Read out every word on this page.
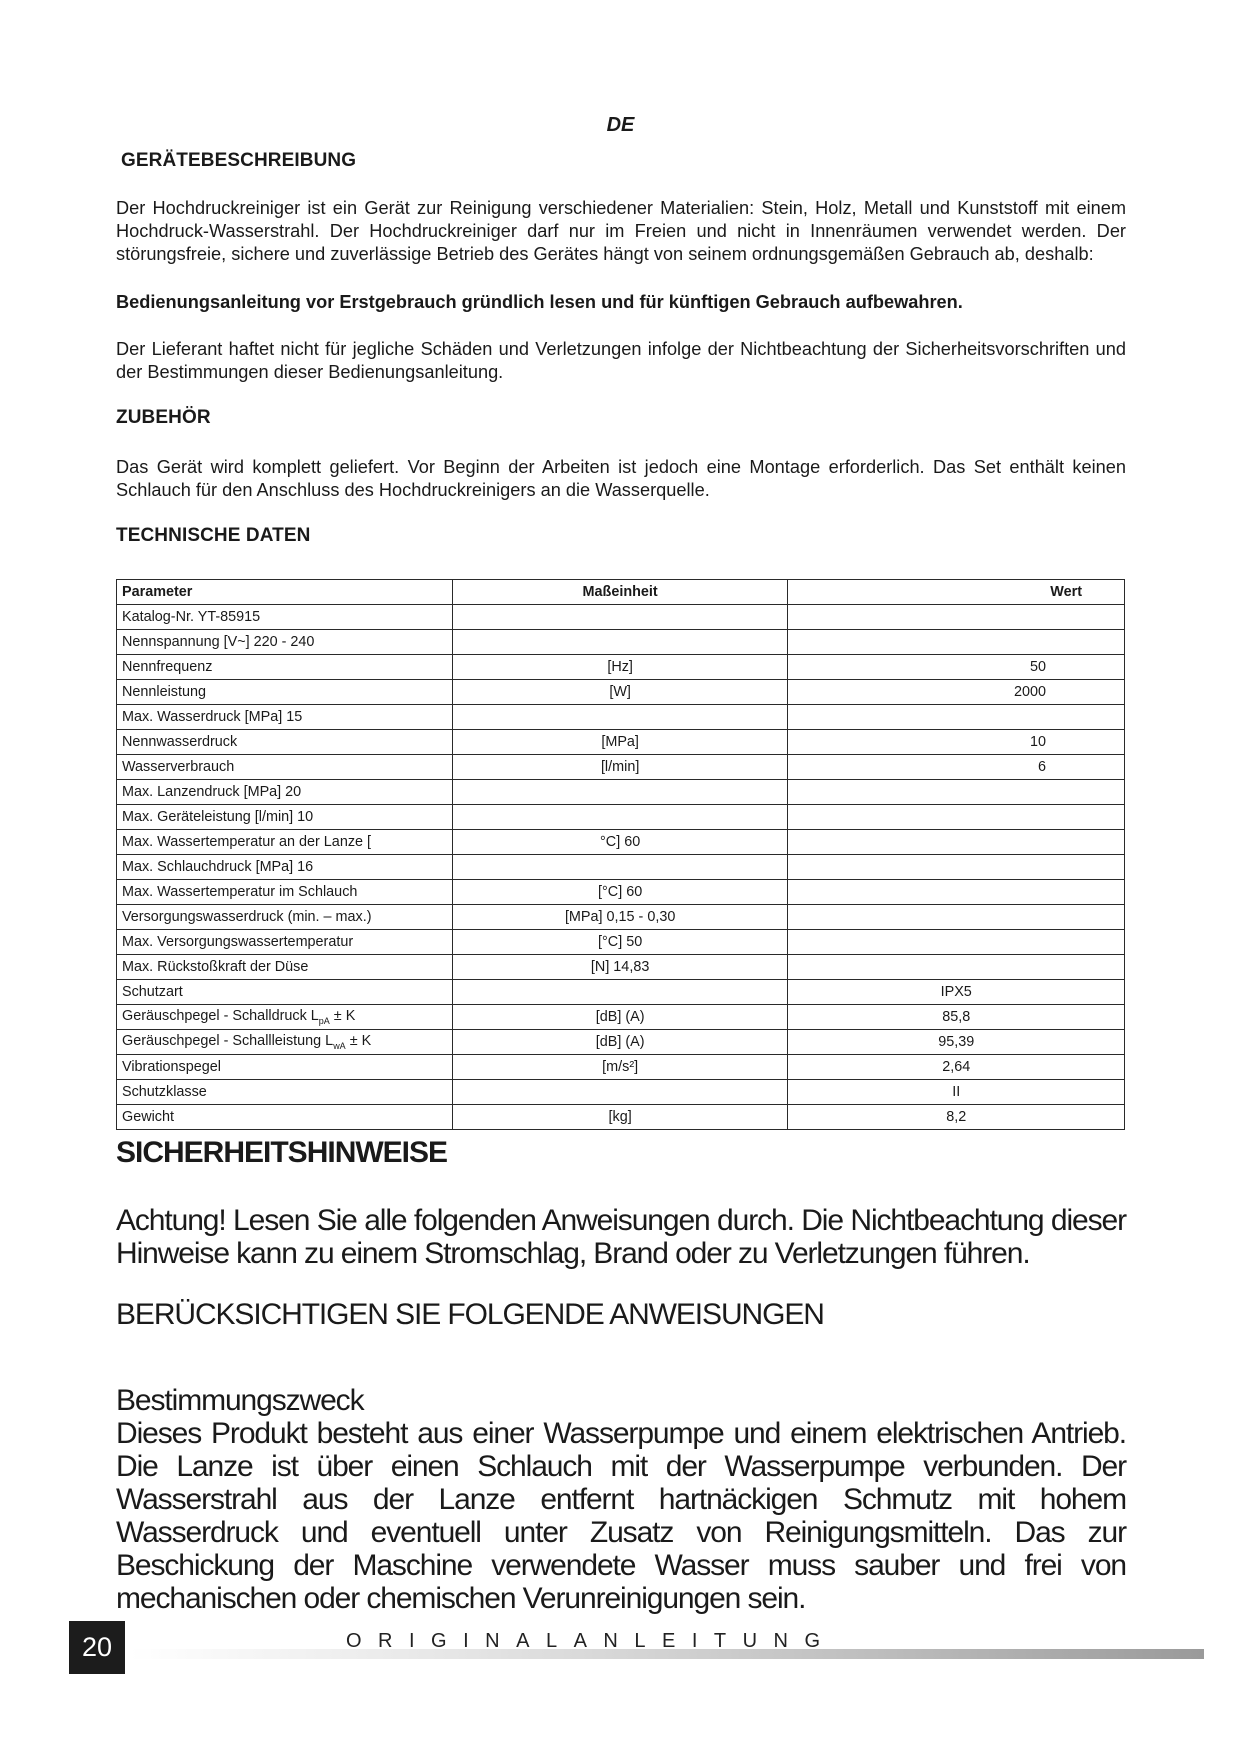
DE
GERÄTEBESCHREIBUNG
Der Hochdruckreiniger ist ein Gerät zur Reinigung verschiedener Materialien: Stein, Holz, Metall und Kunststoff mit einem Hochdruck-Wasserstrahl. Der Hochdruckreiniger darf nur im Freien und nicht in Innenräumen verwendet werden. Der störungsfreie, sichere und zuverlässige Betrieb des Gerätes hängt von seinem ordnungsgemäßen Gebrauch ab, deshalb:
Bedienungsanleitung vor Erstgebrauch gründlich lesen und für künftigen Gebrauch aufbewahren.
Der Lieferant haftet nicht für jegliche Schäden und Verletzungen infolge der Nichtbeachtung der Sicherheitsvorschriften und der Bestimmungen dieser Bedienungsanleitung.
ZUBEHÖR
Das Gerät wird komplett geliefert. Vor Beginn der Arbeiten ist jedoch eine Montage erforderlich. Das Set enthält keinen Schlauch für den Anschluss des Hochdruckreinigers an die Wasserquelle.
TECHNISCHE DATEN
Parameter	Maßeinheit	Wert
Katalog-Nr. YT-85915		
Nennspannung [V~] 220 - 240		
Nennfrequenz	[Hz]	50
Nennleistung	[W]	2000
Max. Wasserdruck [MPa] 15		
Nennwasserdruck	[MPa]	10
Wasserverbrauch	[l/min]	6
Max. Lanzendruck [MPa] 20		
Max. Geräteleistung [l/min] 10		
Max. Wassertemperatur an der Lanze [	°C] 60	
Max. Schlauchdruck [MPa] 16		
Max. Wassertemperatur im Schlauch	[°C] 60	
Versorgungswasserdruck (min. – max.)	[MPa] 0,15 - 0,30	
Max. Versorgungswassertemperatur	[°C] 50	
Max. Rückstoßkraft der Düse	[N] 14,83	
Schutzart		IPX5
Geräuschpegel - Schalldruck $L_{pA} \pm K$	[dB] (A)	85,8
Geräuschpegel - Schallleistung $L_{wA} \pm K$	[dB] (A)	95,39
Vibrationspegel	[m/s²]	2,64
Schutzklasse		II
Gewicht	[kg]	8,2
SICHERHEITSHINWEISE
Achtung! Lesen Sie alle folgenden Anweisungen durch. Die Nichtbeachtung dieser Hinweise kann zu einem Stromschlag, Brand oder zu Verletzungen führen.
BERÜCKSICHTIGEN SIE FOLGENDE ANWEISUNGEN
Bestimmungszweck
Dieses Produkt besteht aus einer Wasserpumpe und einem elektrischen Antrieb. Die Lanze ist über einen Schlauch mit der Wasserpumpe verbunden. Der Wasserstrahl aus der Lanze entfernt hartnäckigen Schmutz mit hohem Wasserdruck und eventuell unter Zusatz von Reinigungsmitteln. Das zur Beschickung der Maschine verwendete Wasser muss sauber und frei von mechanischen oder chemischen Verunreinigungen sein.
20	ORIGINALANLEITUNG
